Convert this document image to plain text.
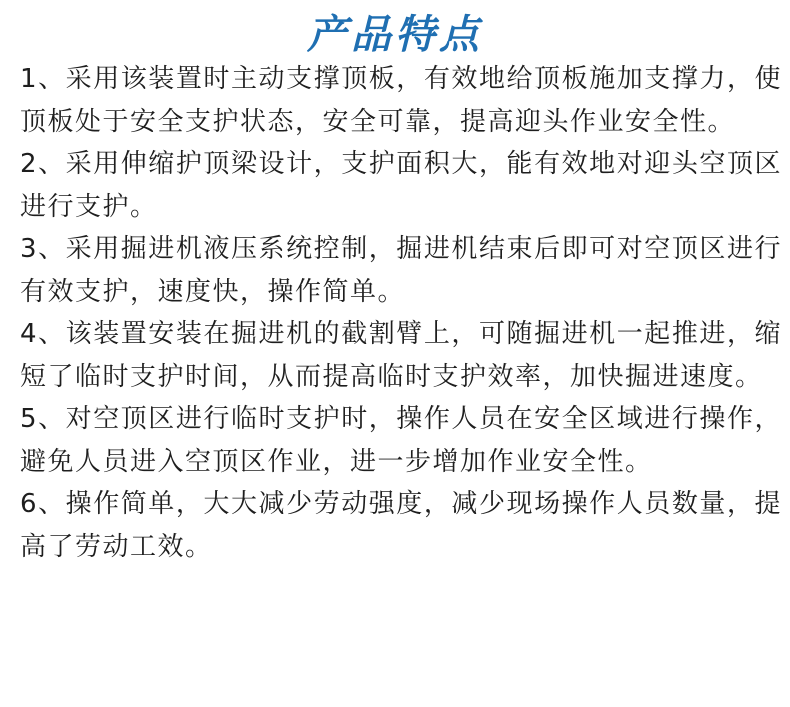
产品特点
1、采用该装置时主动支撑顶板，有效地给顶板施加支撑力，使顶板处于安全支护状态，安全可靠，提高迎头作业安全性。
2、采用伸缩护顶梁设计，支护面积大，能有效地对迎头空顶区进行支护。
3、采用掘进机液压系统控制，掘进机结束后即可对空顶区进行有效支护，速度快，操作简单。
4、该装置安装在掘进机的截割臂上，可随掘进机一起推进，缩短了临时支护时间，从而提高临时支护效率，加快掘进速度。
5、对空顶区进行临时支护时，操作人员在安全区域进行操作，避免人员进入空顶区作业，进一步增加作业安全性。
6、操作简单，大大减少劳动强度，减少现场操作人员数量，提高了劳动工效。
